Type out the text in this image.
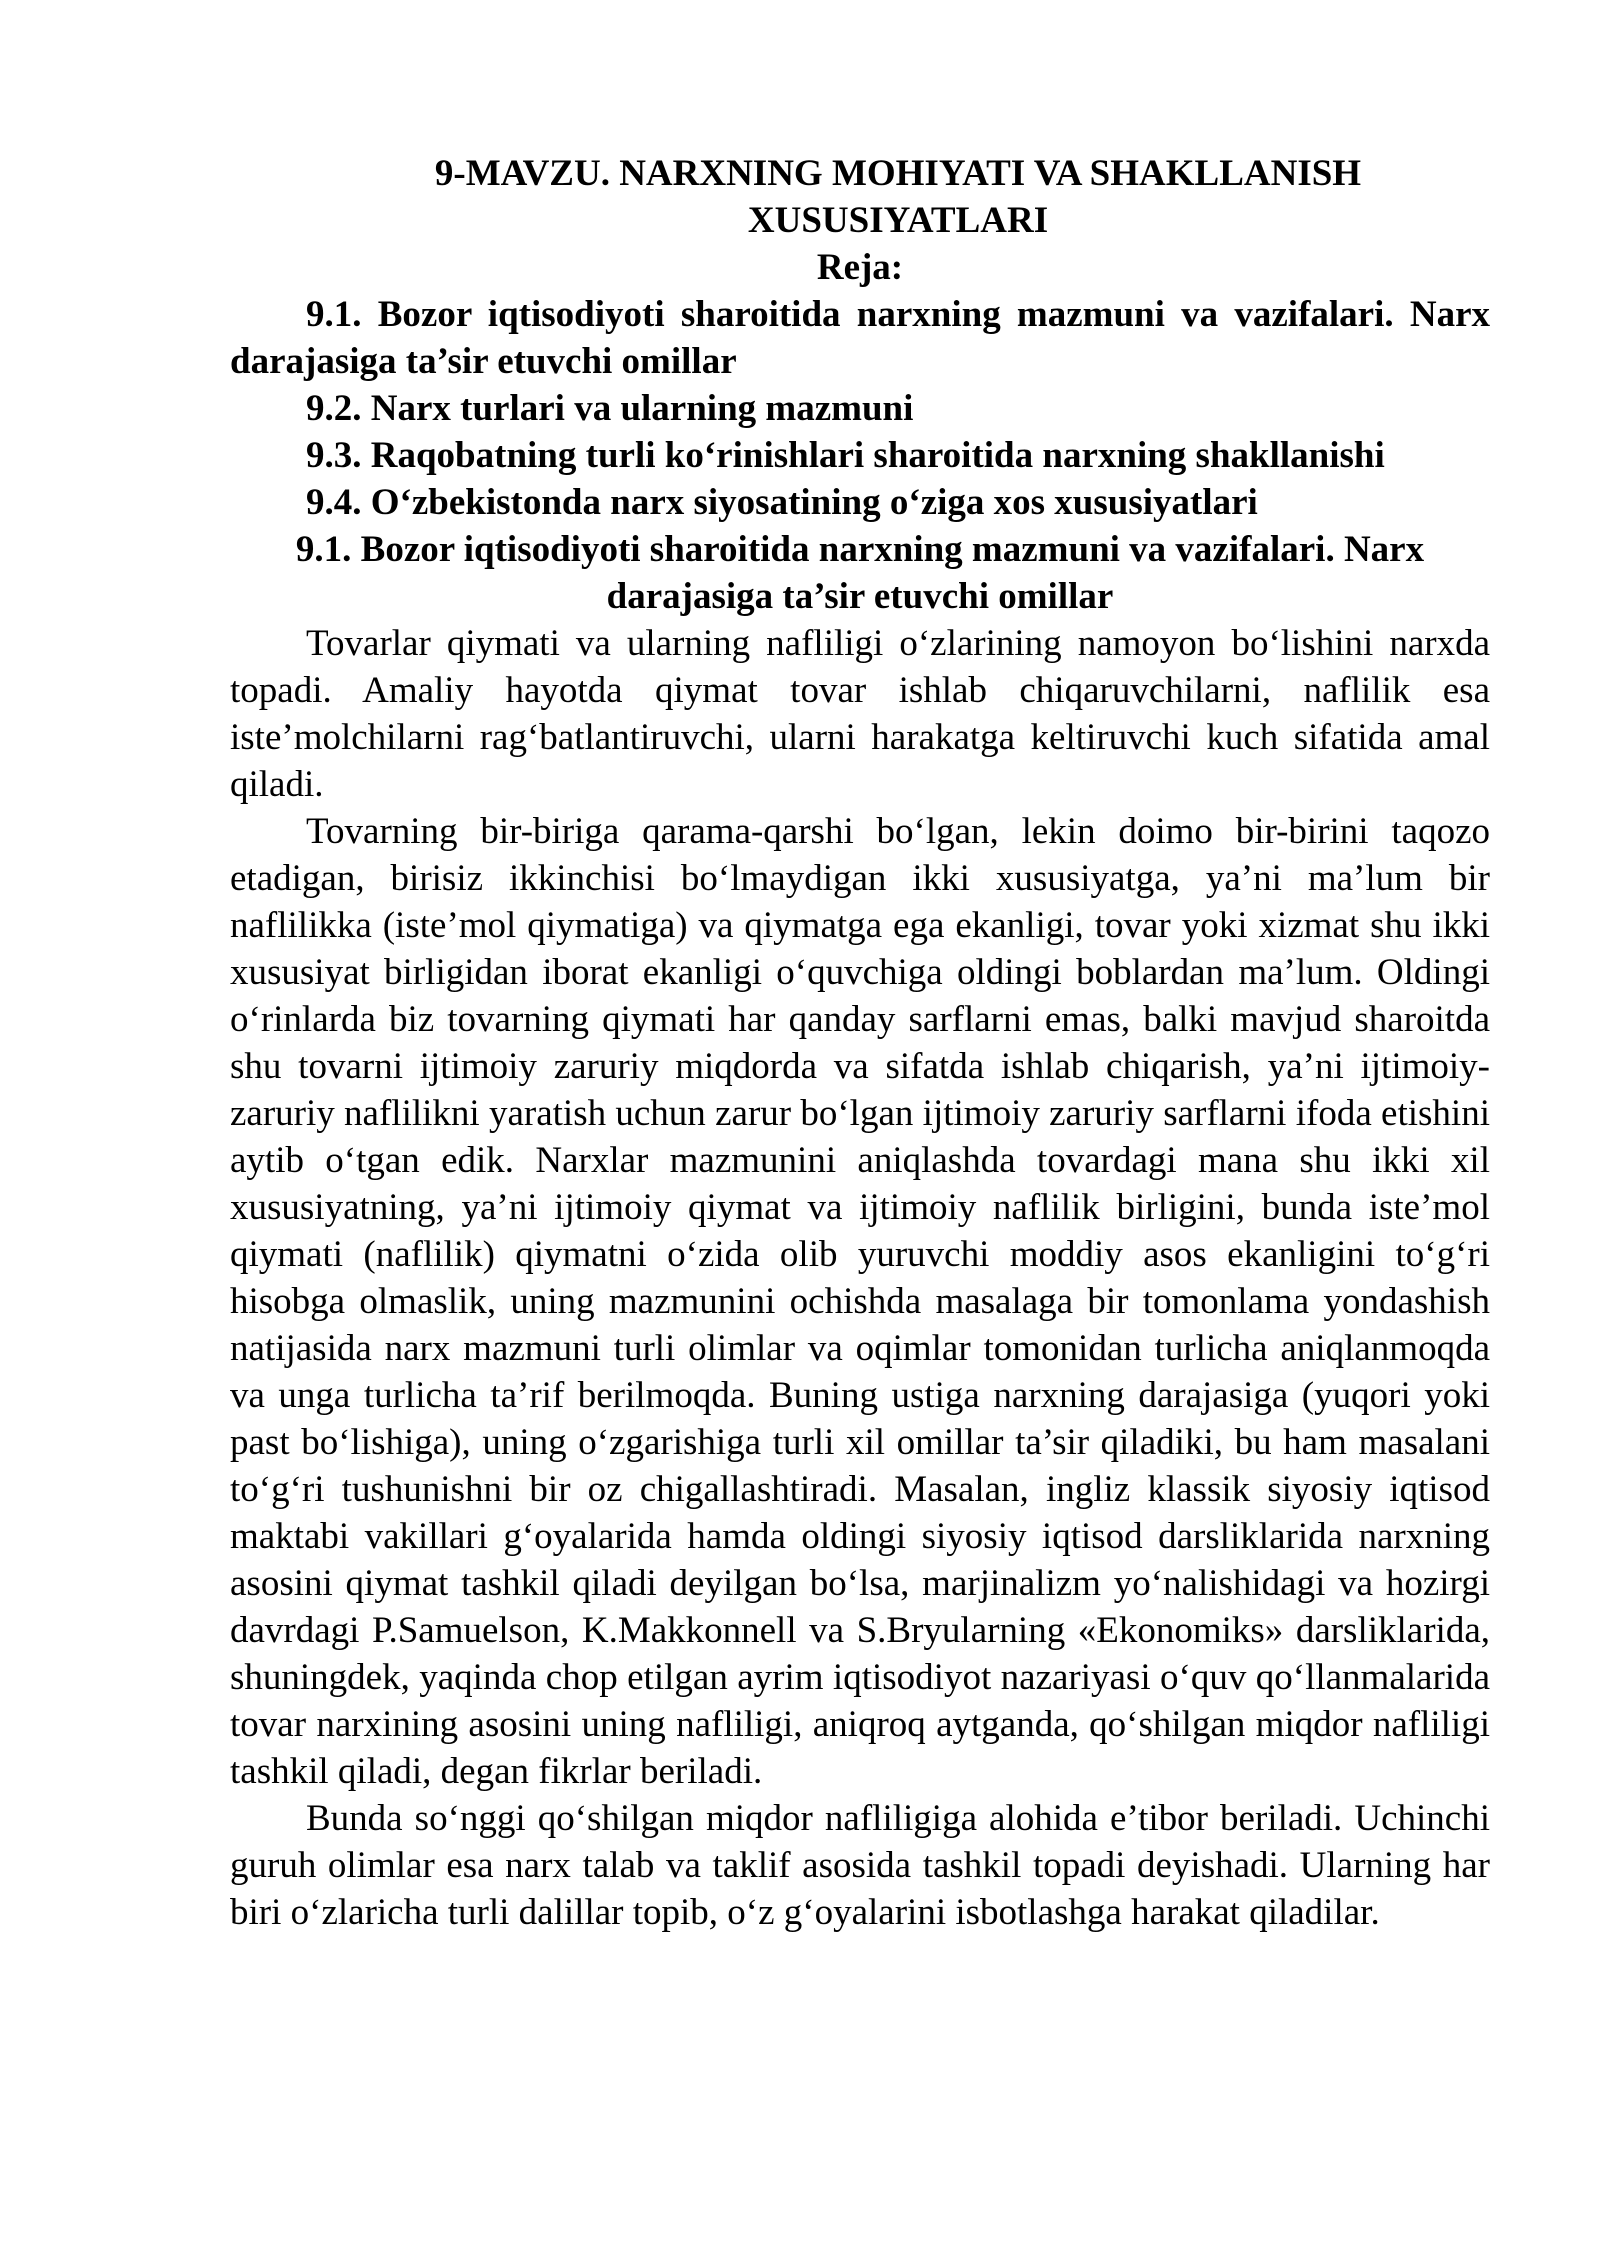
9-MAVZU. NARXNING MOHIYATI VA SHAKLLANISH XUSUSIYATLARI
Reja:
9.1. Bozor iqtisodiyoti sharoitida narxning mazmuni va vazifalari. Narx darajasiga ta’sir etuvchi omillar
9.2. Narx turlari va ularning mazmuni
9.3. Raqobatning turli ko‘rinishlari sharoitida narxning shakllanishi
9.4. O‘zbekistonda narx siyosatining o‘ziga xos xususiyatlari
9.1. Bozor iqtisodiyoti sharoitida narxning mazmuni va vazifalari. Narx darajasiga ta’sir etuvchi omillar

Tovarlar qiymati va ularning nafliligi o‘zlarining namoyon bo‘lishini narxda topadi. Amaliy hayotda qiymat tovar ishlab chiqaruvchilarni, naflilik esa iste’molchilarni rag‘batlantiruvchi, ularni harakatga keltiruvchi kuch sifatida amal qiladi.

Tovarning bir-biriga qarama-qarshi bo‘lgan, lekin doimo bir-birini taqozo etadigan, birisiz ikkinchisi bo‘lmaydigan ikki xususiyatga, ya’ni ma’lum bir naflilikka (iste’mol qiymatiga) va qiymatga ega ekanligi, tovar yoki xizmat shu ikki xususiyat birligidan iborat ekanligi o‘quvchiga oldingi boblardan ma’lum. Oldingi o‘rinlarda biz tovarning qiymati har qanday sarflarni emas, balki mavjud sharoitda shu tovarni ijtimoiy zaruriy miqdorda va sifatda ishlab chiqarish, ya’ni ijtimoiy-zaruriy naflilikni yaratish uchun zarur bo‘lgan ijtimoiy zaruriy sarflarni ifoda etishini aytib o‘tgan edik. Narxlar mazmunini aniqlashda tovardagi mana shu ikki xil xususiyatning, ya’ni ijtimoiy qiymat va ijtimoiy naflilik birligini, bunda iste’mol qiymati (naflilik) qiymatni o‘zida olib yuruvchi moddiy asos ekanligini to‘g‘ri hisobga olmaslik, uning mazmunini ochishda masalaga bir tomonlama yondashish natijasida narx mazmuni turli olimlar va oqimlar tomonidan turlicha aniqlanmoqda va unga turlicha ta’rif berilmoqda. Buning ustiga narxning darajasiga (yuqori yoki past bo‘lishiga), uning o‘zgarishiga turli xil omillar ta’sir qiladiki, bu ham masalani to‘g‘ri tushunishni bir oz chigallashtiradi. Masalan, ingliz klassik siyosiy iqtisod maktabi vakillari g‘oyalarida hamda oldingi siyosiy iqtisod darsliklarida narxning asosini qiymat tashkil qiladi deyilgan bo‘lsa, marjinalizm yo‘nalishidagi va hozirgi davrdagi P.Samuelson, K.Makkonnell va S.Bryularning «Ekonomiks» darsliklarida, shuningdek, yaqinda chop etilgan ayrim iqtisodiyot nazariyasi o‘quv qo‘llanmalarida tovar narxining asosini uning nafliligi, aniqroq aytganda, qo‘shilgan miqdor nafliligi tashkil qiladi, degan fikrlar beriladi.

Bunda so‘nggi qo‘shilgan miqdor nafliligiga alohida e’tibor beriladi. Uchinchi guruh olimlar esa narx talab va taklif asosida tashkil topadi deyishadi. Ularning har biri o‘zlaricha turli dalillar topib, o‘z g‘oyalarini isbotlashga harakat qiladilar.
